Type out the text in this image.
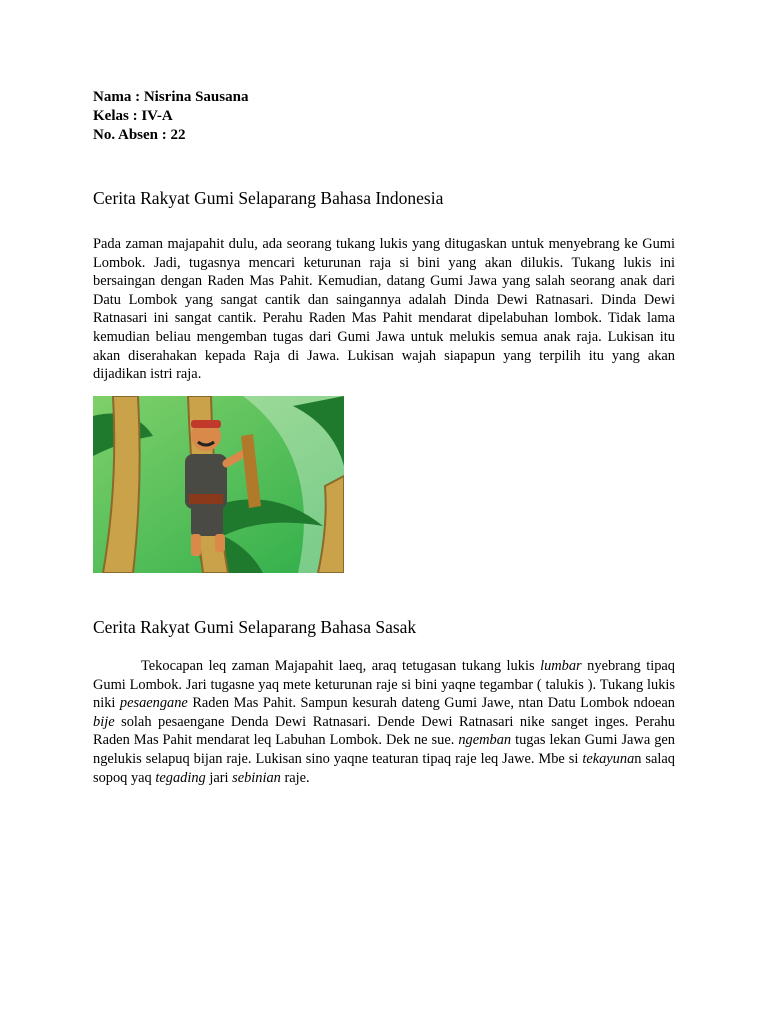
Nama : Nisrina Sausana
Kelas : IV-A
No. Absen : 22
Cerita Rakyat Gumi Selaparang Bahasa Indonesia

Pada zaman majapahit dulu, ada seorang tukang lukis yang ditugaskan untuk menyebrang ke Gumi Lombok. Jadi, tugasnya mencari keturunan raja si bini yang akan dilukis. Tukang lukis ini bersaingan dengan Raden Mas Pahit. Kemudian, datang Gumi Jawa yang salah seorang anak dari Datu Lombok yang sangat cantik dan saingannya adalah Dinda Dewi Ratnasari. Dinda Dewi Ratnasari ini sangat cantik. Perahu Raden Mas Pahit mendarat dipelabuhan lombok. Tidak lama kemudian beliau mengemban tugas dari Gumi Jawa untuk melukis semua anak raja. Lukisan itu akan diserahakan kepada Raja di Jawa. Lukisan wajah siapapun yang terpilih itu yang akan dijadikan istri raja.

Cerita Rakyat Gumi Selaparang Bahasa Sasak

Tekocapan leq zaman Majapahit laeq, araq tetugasan tukang lukis lumbar nyebrang tipaq Gumi Lombok. Jari tugasne yaq mete keturunan raje si bini yaqne tegambar ( talukis ). Tukang lukis niki pesaengane Raden Mas Pahit. Sampun kesurah dateng Gumi Jawe, ntan Datu Lombok ndoean bije solah pesaengane Denda Dewi Ratnasari. Dende Dewi Ratnasari nike sanget inges. Perahu Raden Mas Pahit mendarat leq Labuhan Lombok. Dek ne sue. ngemban tugas lekan Gumi Jawa gen ngelukis selapuq bijan raje. Lukisan sino yaqne teaturan tipaq raje leq Jawe. Mbe si tekayunan salaq sopoq yaq tegading jari sebinian raje.
